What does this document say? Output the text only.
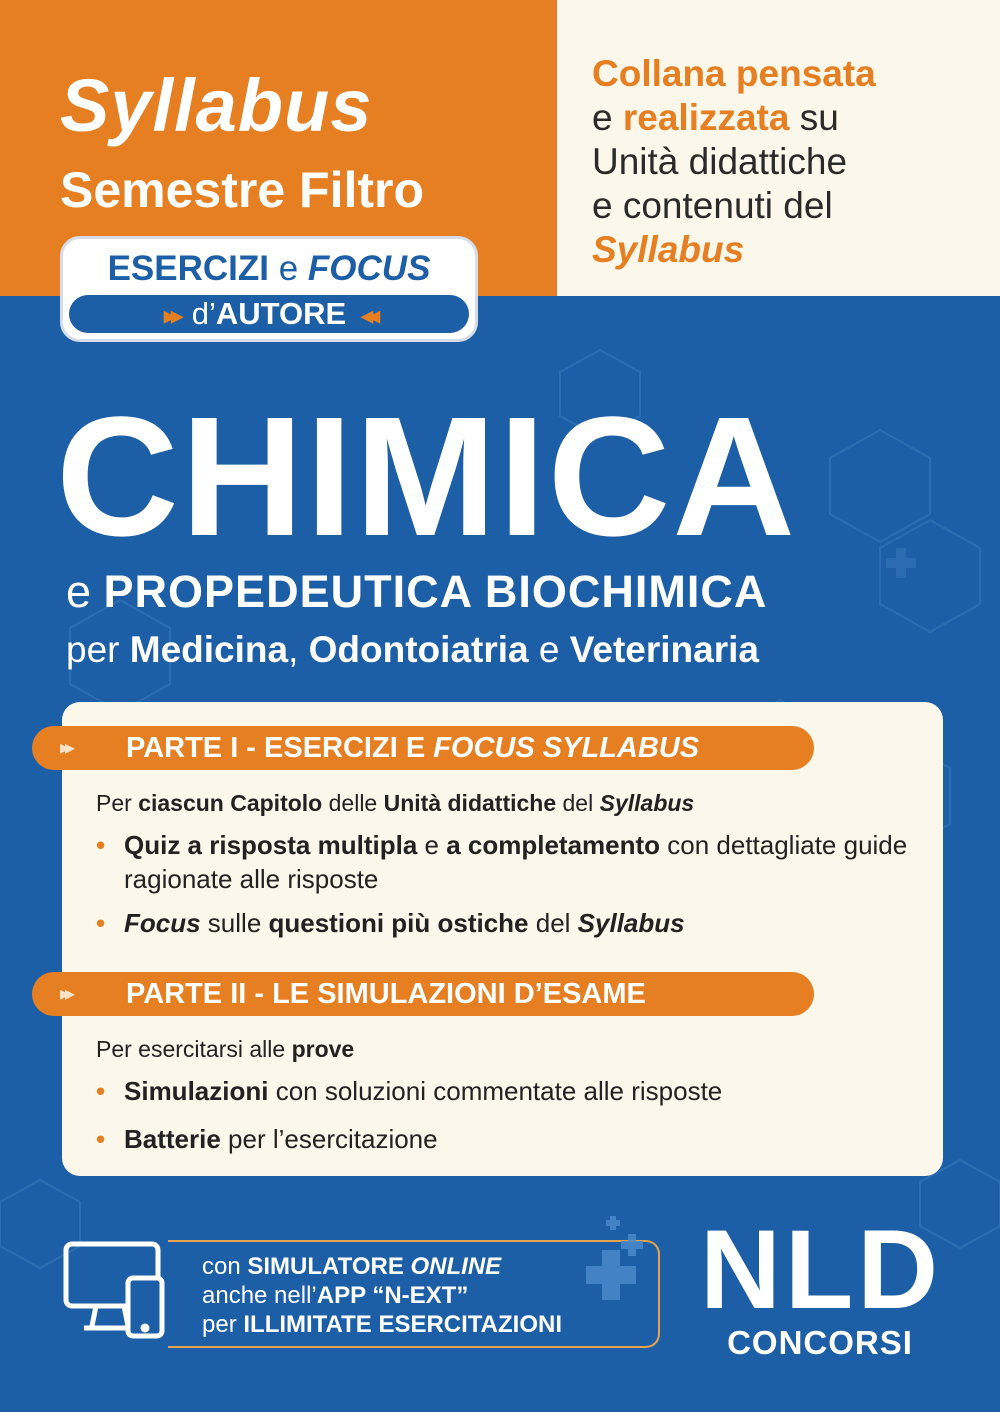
Syllabus
Semestre Filtro
Collana pensata
e realizzata su
Unità didattiche
e contenuti del
Syllabus
ESERCIZI e FOCUS
▸▸ d’AUTORE ◂◂
CHIMICA
e PROPEDEUTICA BIOCHIMICA
per Medicina, Odontoiatria e Veterinaria
▸▸ PARTE I - ESERCIZI E FOCUS SYLLABUS
Per ciascun Capitolo delle Unità didattiche del Syllabus
• Quiz a risposta multipla e a completamento con dettagliate guide ragionate alle risposte
• Focus sulle questioni più ostiche del Syllabus
▸▸ PARTE II - LE SIMULAZIONI D’ESAME
Per esercitarsi alle prove
• Simulazioni con soluzioni commentate alle risposte
• Batterie per l’esercitazione
con SIMULATORE ONLINE
anche nell’APP “N-EXT”
per ILLIMITATE ESERCITAZIONI	NLD
CONCORSI
